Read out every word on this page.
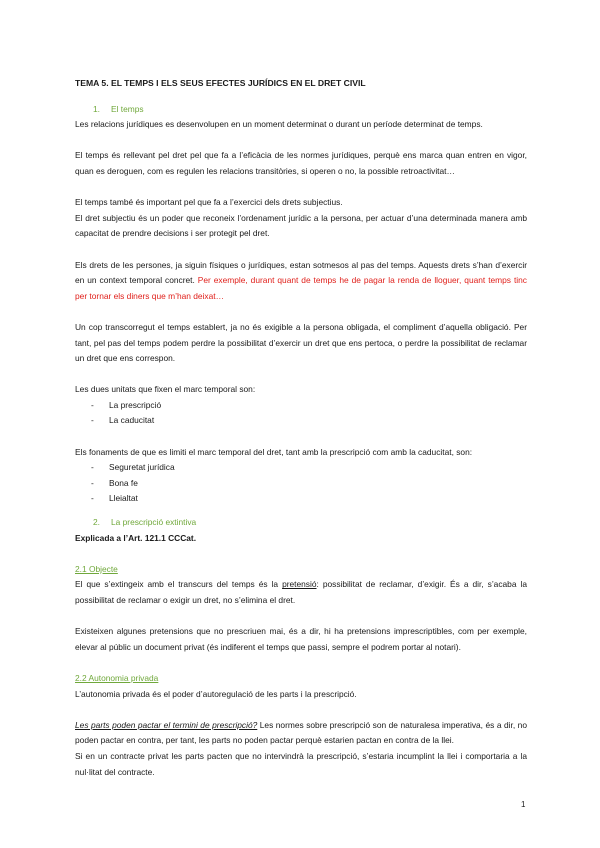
TEMA 5. EL TEMPS I ELS SEUS EFECTES JURÍDICS EN EL DRET CIVIL
1. El temps

Les relacions jurídiques es desenvolupen en un moment determinat o durant un període determinat de temps.

El temps és rellevant pel dret pel que fa a l’eficàcia de les normes jurídiques, perquè ens marca quan entren en vigor, quan es deroguen, com es regulen les relacions transitòries, si operen o no, la possible retroactivitat…

El temps també és important pel que fa a l’exercici dels drets subjectius.

El dret subjectiu és un poder que reconeix l’ordenament jurídic a la persona, per actuar d’una determinada manera amb capacitat de prendre decisions i ser protegit pel dret.

Els drets de les persones, ja siguin físiques o jurídiques, estan sotmesos al pas del temps. Aquests drets s’han d’exercir en un context temporal concret. Per exemple, durant quant de temps he de pagar la renda de lloguer, quant temps tinc per tornar els diners que m’han deixat…

Un cop transcorregut el temps establert, ja no és exigible a la persona obligada, el compliment d’aquella obligació. Per tant, pel pas del temps podem perdre la possibilitat d’exercir un dret que ens pertoca, o perdre la possibilitat de reclamar un dret que ens correspon.

Les dues unitats que fixen el marc temporal son:

- La prescripció
- La caducitat

Els fonaments de que es limiti el marc temporal del dret, tant amb la prescripció com amb la caducitat, son:

- Seguretat jurídica
- Bona fe
- Lleialtat
2. La prescripció extintiva

Explicada a l’Art. 121.1 CCCat.

2.1 Objecte

El que s’extingeix amb el transcurs del temps és la pretensió: possibilitat de reclamar, d’exigir. És a dir, s’acaba la possibilitat de reclamar o exigir un dret, no s’elimina el dret.

Existeixen algunes pretensions que no prescriuen mai, és a dir, hi ha pretensions imprescriptibles, com per exemple, elevar al públic un document privat (és indiferent el temps que passi, sempre el podrem portar al notari).

2.2 Autonomia privada

L’autonomia privada és el poder d’autoregulació de les parts i la prescripció.

Les parts poden pactar el termini de prescripció? Les normes sobre prescripció son de naturalesa imperativa, és a dir, no poden pactar en contra, per tant, les parts no poden pactar perquè estarien pactan en contra de la llei.

Si en un contracte privat les parts pacten que no intervindrà la prescripció, s’estaria incumplint la llei i comportaria a la nul·litat del contracte.

1
